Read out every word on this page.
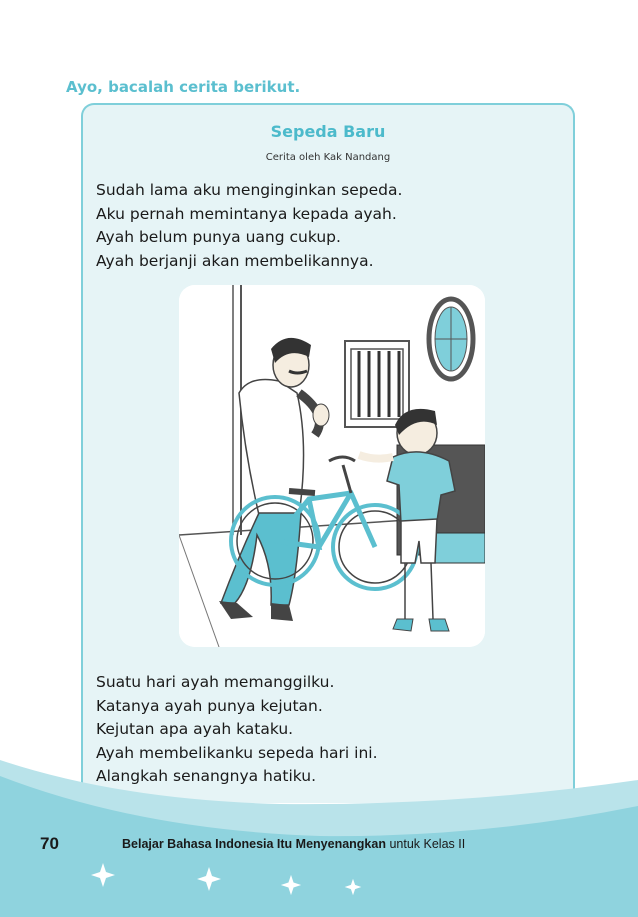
Ayo, bacalah cerita berikut.
Sepeda Baru
Cerita oleh Kak Nandang
Sudah lama aku menginginkan sepeda.
Aku pernah memintanya kepada ayah.
Ayah belum punya uang cukup.
Ayah berjanji akan membelikannya.
Suatu hari ayah memanggilku.
Katanya ayah punya kejutan.
Kejutan apa ayah kataku.
Ayah membelikanku sepeda hari ini.
Alangkah senangnya hatiku.
70	Belajar Bahasa Indonesia Itu Menyenangkan untuk Kelas II
